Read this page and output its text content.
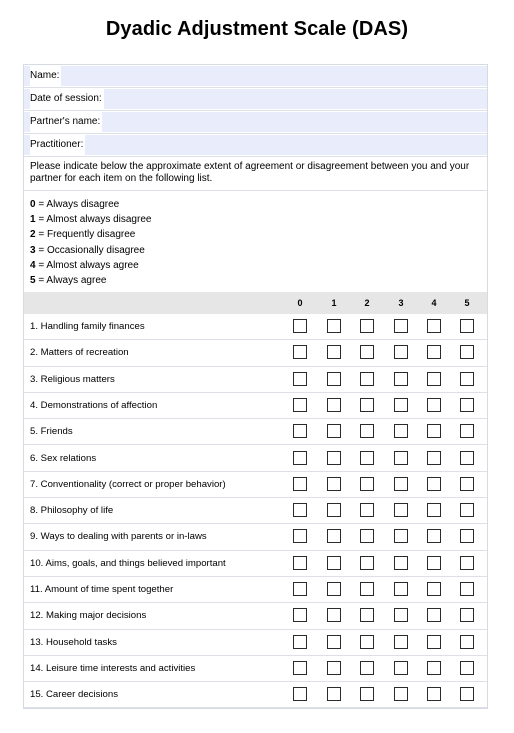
Dyadic Adjustment Scale (DAS)
Please indicate below the approximate extent of agreement or disagreement between you and your partner for each item on the following list.
0 = Always disagree
1 = Almost always disagree
2 = Frequently disagree
3 = Occasionally disagree
4 = Almost always agree
5 = Always agree
0	1	2	3	4	5
Name:
Date of session:
Partner's name:
Practitioner:
1. Handling family finances
2. Matters of recreation
3. Religious matters
4. Demonstrations of affection
5. Friends
6. Sex relations
7. Conventionality (correct or proper behavior)
8. Philosophy of life
9. Ways to dealing with parents or in-laws
10. Aims, goals, and things believed important
11. Amount of time spent together
12. Making major decisions
13. Household tasks
14. Leisure time interests and activities
15. Career decisions
